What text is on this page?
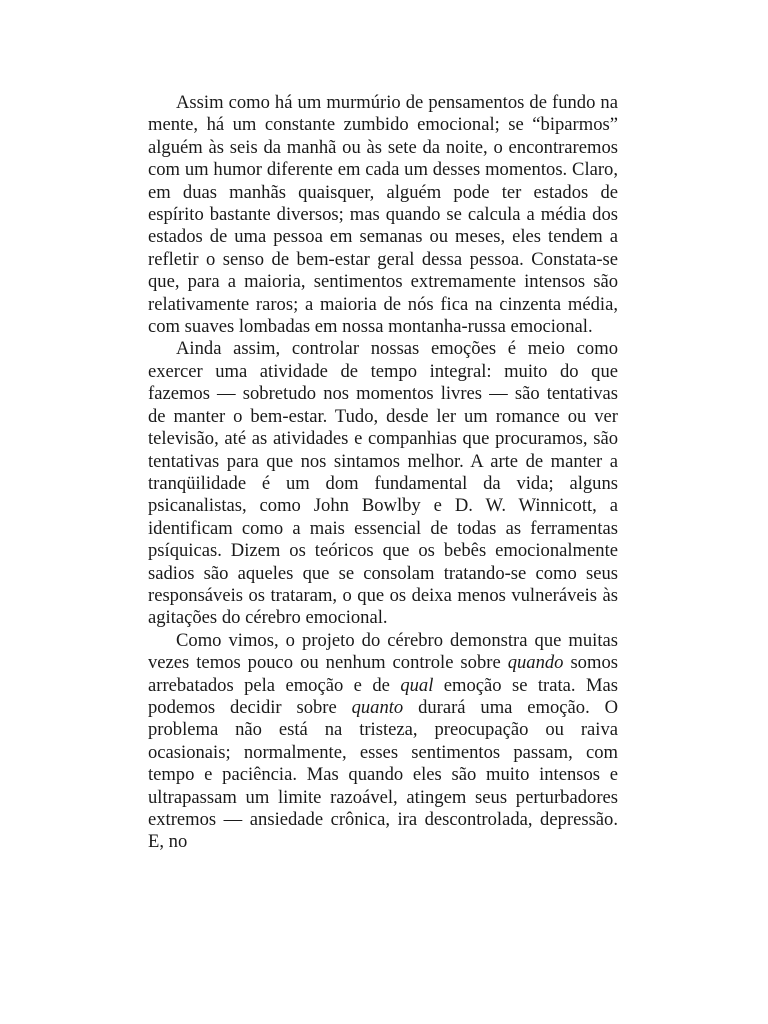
Assim como há um murmúrio de pensamentos de fundo na mente, há um constante zumbido emocional; se “biparmos” alguém às seis da manhã ou às sete da noite, o encontraremos com um humor diferente em cada um desses momentos. Claro, em duas manhãs quaisquer, alguém pode ter estados de espírito bastante diversos; mas quando se calcula a média dos estados de uma pessoa em semanas ou meses, eles tendem a refletir o senso de bem-estar geral dessa pessoa. Constata-se que, para a maioria, sentimentos extremamente intensos são relativamente raros; a maioria de nós fica na cinzenta média, com suaves lombadas em nossa montanha-russa emocional.

Ainda assim, controlar nossas emoções é meio como exercer uma atividade de tempo integral: muito do que fazemos — sobretudo nos momentos livres — são tentativas de manter o bem-estar. Tudo, desde ler um romance ou ver televisão, até as atividades e companhias que procuramos, são tentativas para que nos sintamos melhor. A arte de manter a tranqüilidade é um dom fundamental da vida; alguns psicanalistas, como John Bowlby e D. W. Winnicott, a identificam como a mais essencial de todas as ferramentas psíquicas. Dizem os teóricos que os bebês emocionalmente sadios são aqueles que se consolam tratando-se como seus responsáveis os trataram, o que os deixa menos vulneráveis às agitações do cérebro emocional.

Como vimos, o projeto do cérebro demonstra que muitas vezes temos pouco ou nenhum controle sobre quando somos arrebatados pela emoção e de qual emoção se trata. Mas podemos decidir sobre quanto durará uma emoção. O problema não está na tristeza, preocupação ou raiva ocasionais; normalmente, esses sentimentos passam, com tempo e paciência. Mas quando eles são muito intensos e ultrapassam um limite razoável, atingem seus perturbadores extremos — ansiedade crônica, ira descontrolada, depressão. E, no
